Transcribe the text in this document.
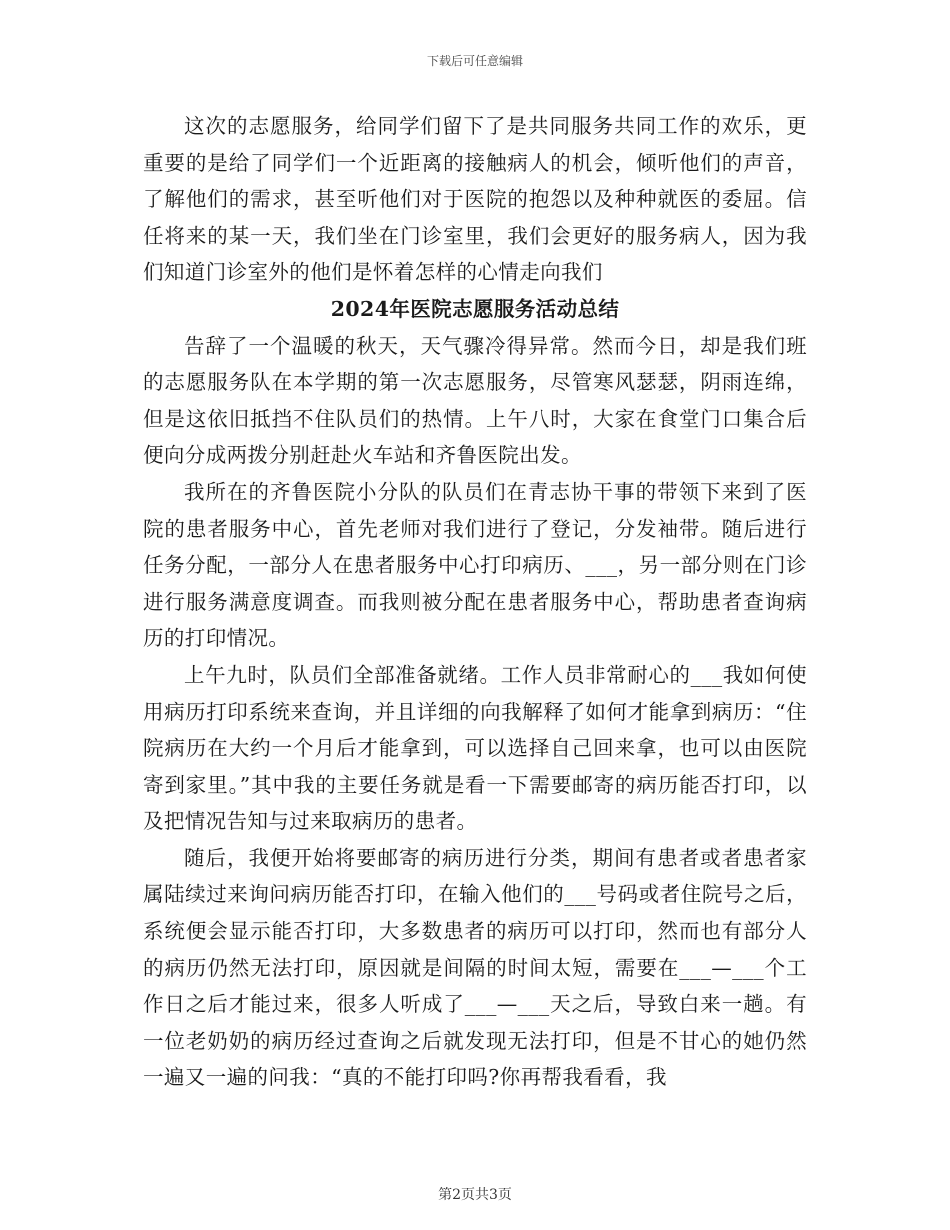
下载后可任意编辑

这次的志愿服务，给同学们留下了是共同服务共同工作的欢乐，更重要的是给了同学们一个近距离的接触病人的机会，倾听他们的声音，了解他们的需求，甚至听他们对于医院的抱怨以及种种就医的委屈。信任将来的某一天，我们坐在门诊室里，我们会更好的服务病人，因为我们知道门诊室外的他们是怀着怎样的心情走向我们

2024年医院志愿服务活动总结

告辞了一个温暖的秋天，天气骤冷得异常。然而今日，却是我们班的志愿服务队在本学期的第一次志愿服务，尽管寒风瑟瑟，阴雨连绵，但是这依旧抵挡不住队员们的热情。上午八时，大家在食堂门口集合后便向分成两拨分别赶赴火车站和齐鲁医院出发。

我所在的齐鲁医院小分队的队员们在青志协干事的带领下来到了医院的患者服务中心，首先老师对我们进行了登记，分发袖带。随后进行任务分配，一部分人在患者服务中心打印病历、___，另一部分则在门诊进行服务满意度调查。而我则被分配在患者服务中心，帮助患者查询病历的打印情况。

上午九时，队员们全部准备就绪。工作人员非常耐心的___我如何使用病历打印系统来查询，并且详细的向我解释了如何才能拿到病历：“住院病历在大约一个月后才能拿到，可以选择自己回来拿，也可以由医院寄到家里。”其中我的主要任务就是看一下需要邮寄的病历能否打印，以及把情况告知与过来取病历的患者。

随后，我便开始将要邮寄的病历进行分类，期间有患者或者患者家属陆续过来询问病历能否打印，在输入他们的___号码或者住院号之后，系统便会显示能否打印，大多数患者的病历可以打印，然而也有部分人的病历仍然无法打印，原因就是间隔的时间太短，需要在___—___个工作日之后才能过来，很多人听成了___—___天之后，导致白来一趟。有一位老奶奶的病历经过查询之后就发现无法打印，但是不甘心的她仍然一遍又一遍的问我：“真的不能打印吗?你再帮我看看，我

第2页共3页
